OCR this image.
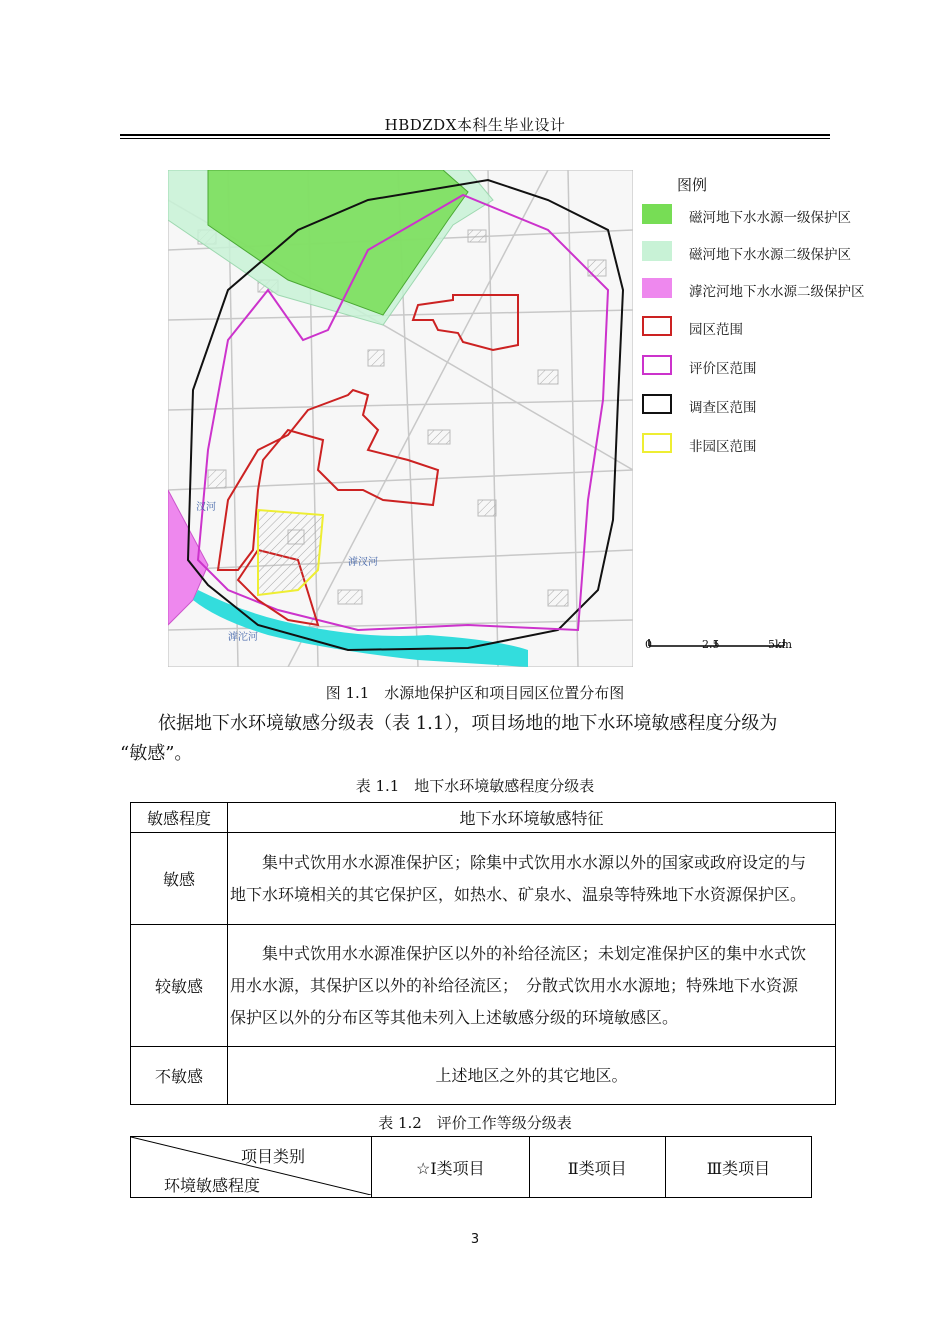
HBDZDX本科生毕业设计
汊河
滹汊河
滹沱河
图例
磁河地下水水源一级保护区
磁河地下水水源二级保护区
滹沱河地下水水源二级保护区
园区范围
评价区范围
调查区范围
非园区范围
0	2.5	5km
图 1.1　水源地保护区和项目园区位置分布图
依据地下水环境敏感分级表（表 1.1），项目场地的地下水环境敏感程度分级为
“敏感”。
表 1.1　地下水环境敏感程度分级表
敏感程度	地下水环境敏感特征
敏感	集中式饮用水水源准保护区；除集中式饮用水水源以外的国家或政府设定的与

地下水环境相关的其它保护区，如热水、矿泉水、温泉等特殊地下水资源保护区。

较敏感	集中式饮用水水源准保护区以外的补给径流区；未划定准保护区的集中水式饮

用水水源，其保护区以外的补给径流区；　分散式饮用水水源地；特殊地下水资源

保护区以外的分布区等其他未列入上述敏感分级的环境敏感区。

不敏感	上述地区之外的其它地区。

表 1.2　评价工作等级分级表
项目类别
环境敏感程度
	☆Ⅰ类项目	Ⅱ类项目	Ⅲ类项目
3
